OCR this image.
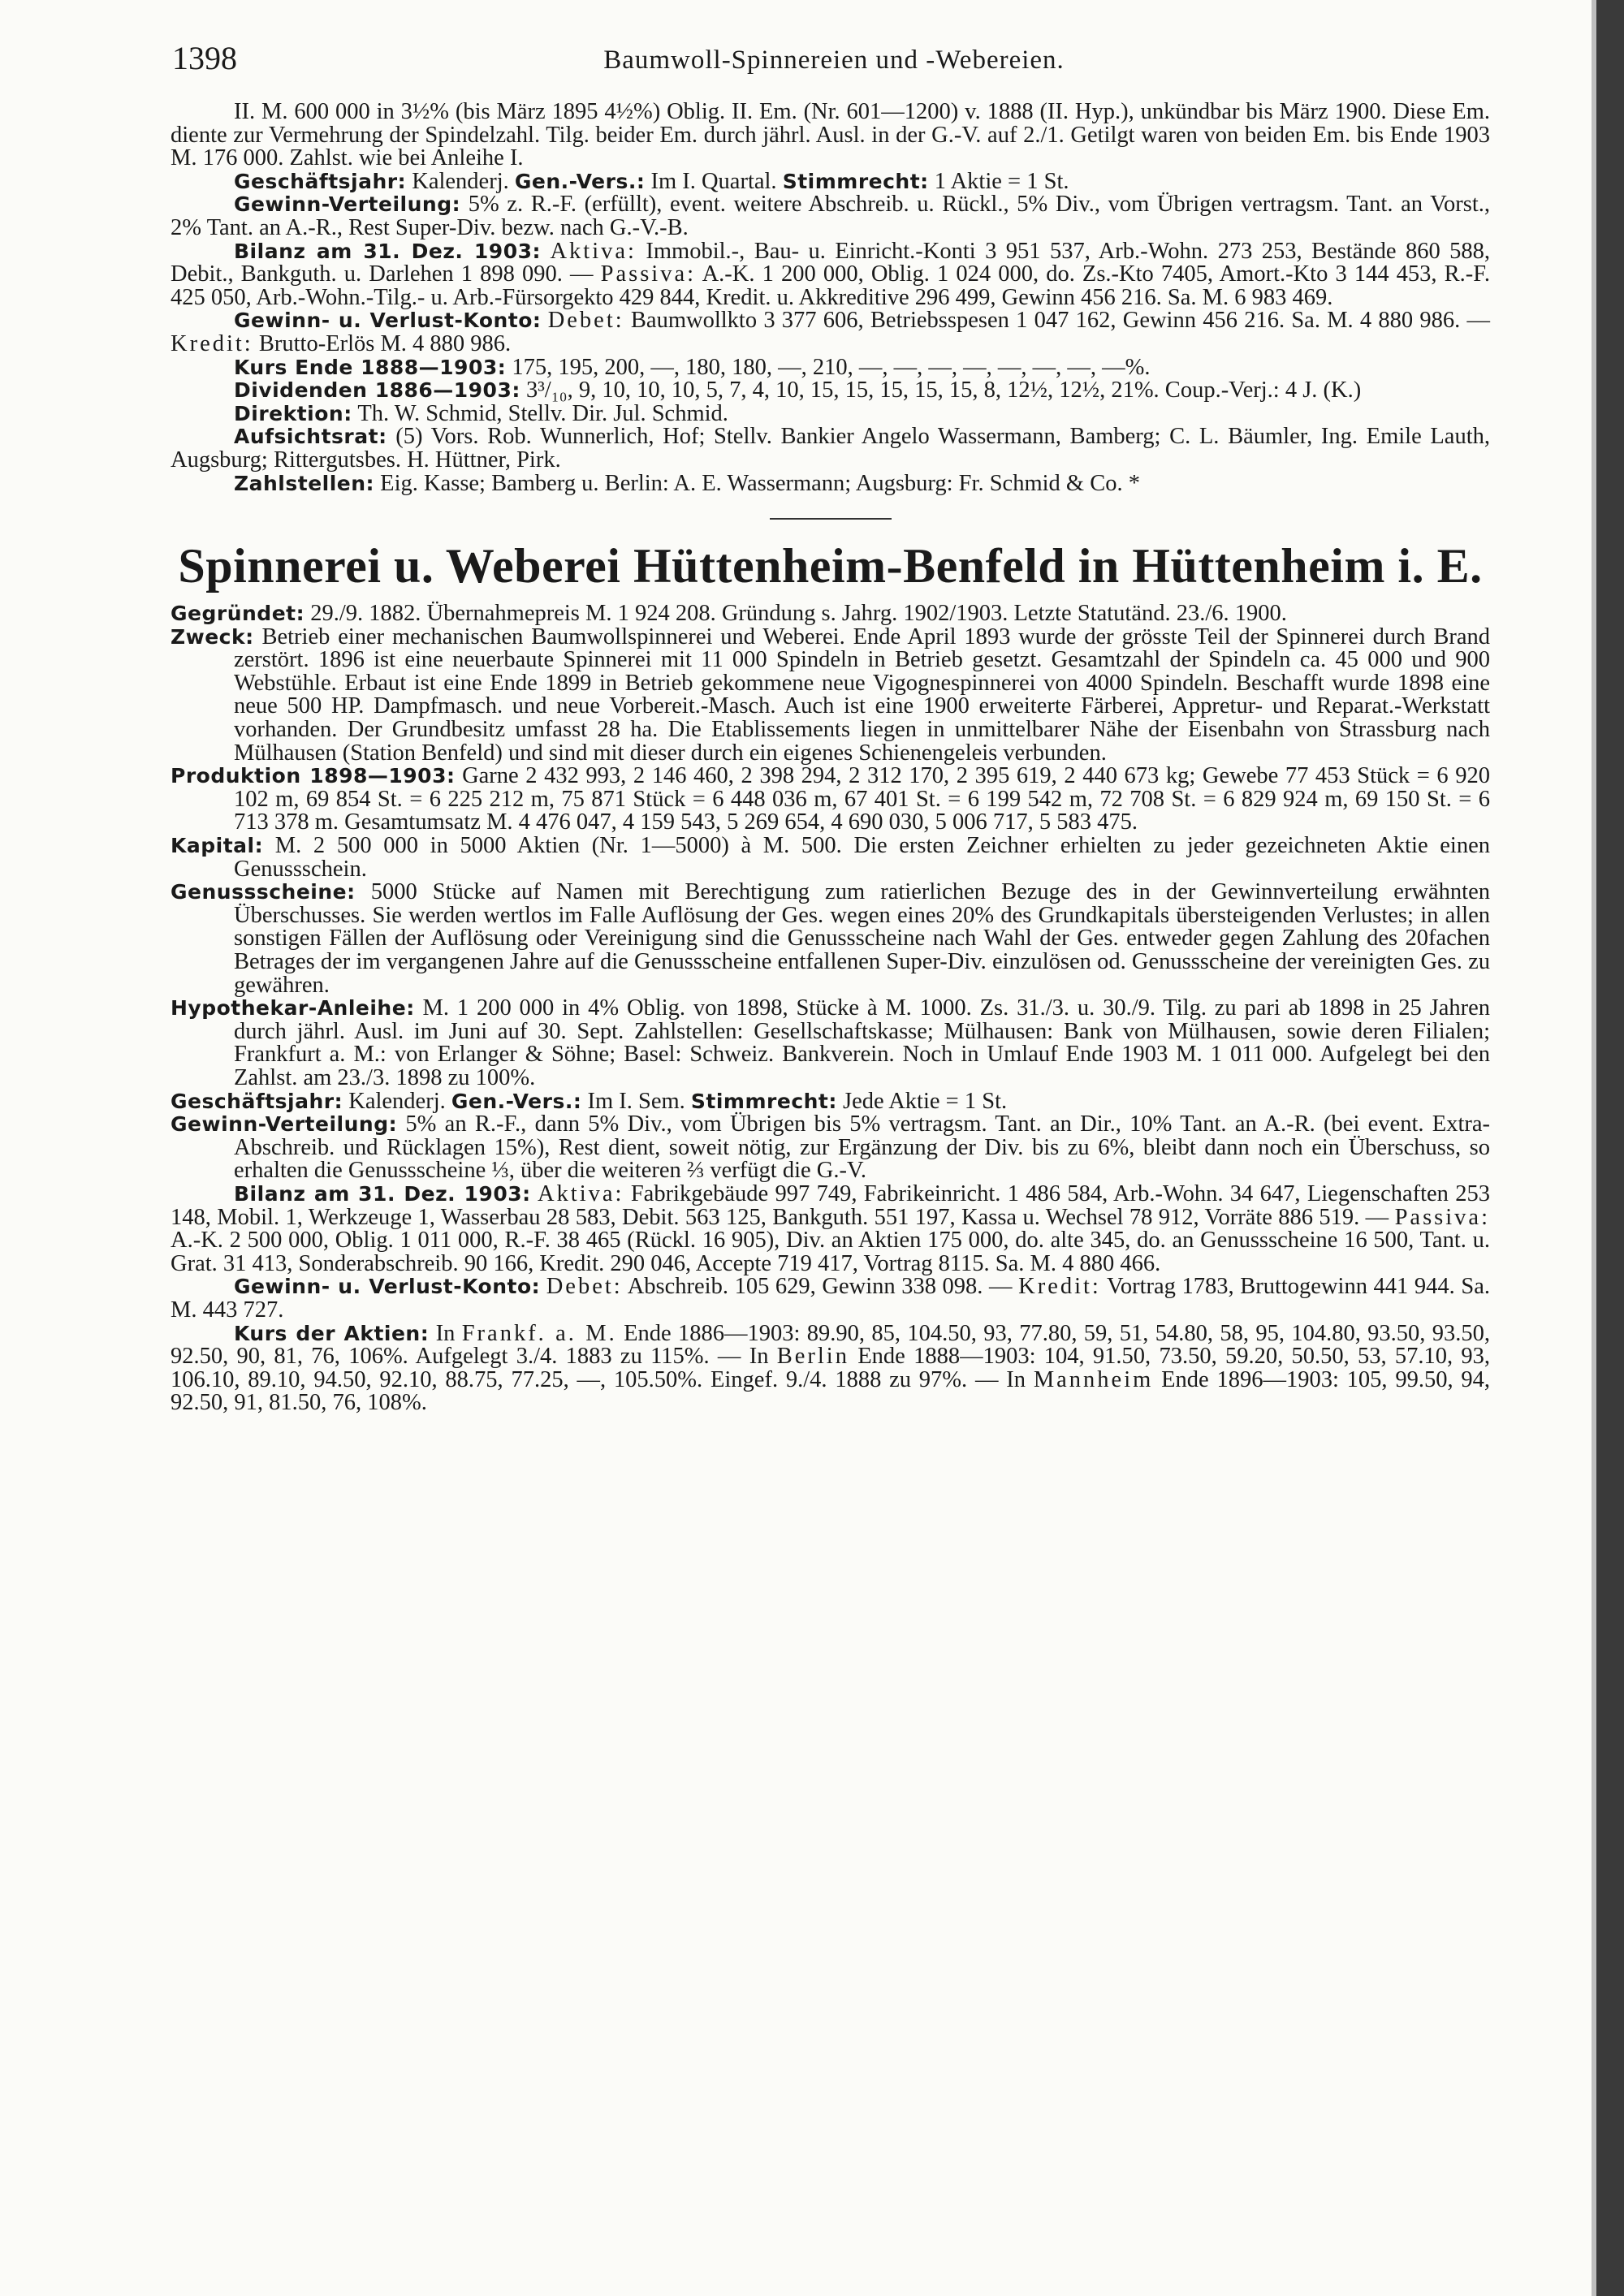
1398	Baumwoll-Spinnereien und -Webereien.

II. M. 600 000 in 3½% (bis März 1895 4½%) Oblig. II. Em. (Nr. 601—1200) v. 1888 (II. Hyp.), unkündbar bis März 1900. Diese Em. diente zur Vermehrung der Spindelzahl. Tilg. beider Em. durch jährl. Ausl. in der G.-V. auf 2./1. Getilgt waren von beiden Em. bis Ende 1903 M. 176 000. Zahlst. wie bei Anleihe I.

Geschäftsjahr: Kalenderj. Gen.-Vers.: Im I. Quartal. Stimmrecht: 1 Aktie = 1 St.

Gewinn-Verteilung: 5% z. R.-F. (erfüllt), event. weitere Abschreib. u. Rückl., 5% Div., vom Übrigen vertragsm. Tant. an Vorst., 2% Tant. an A.-R., Rest Super-Div. bezw. nach G.-V.-B.

Bilanz am 31. Dez. 1903: Aktiva: Immobil.-, Bau- u. Einricht.-Konti 3 951 537, Arb.-Wohn. 273 253, Bestände 860 588, Debit., Bankguth. u. Darlehen 1 898 090. — Passiva: A.-K. 1 200 000, Oblig. 1 024 000, do. Zs.-Kto 7405, Amort.-Kto 3 144 453, R.-F. 425 050, Arb.-Wohn.-Tilg.- u. Arb.-Fürsorgekto 429 844, Kredit. u. Akkreditive 296 499, Gewinn 456 216. Sa. M. 6 983 469.

Gewinn- u. Verlust-Konto: Debet: Baumwollkto 3 377 606, Betriebsspesen 1 047 162, Gewinn 456 216. Sa. M. 4 880 986. — Kredit: Brutto-Erlös M. 4 880 986.

Kurs Ende 1888—1903: 175, 195, 200, —, 180, 180, —, 210, —, —, —, —, —, —, —, —%.

Dividenden 1886—1903: 3³/₁₀, 9, 10, 10, 10, 5, 7, 4, 10, 15, 15, 15, 15, 15, 8, 12½, 12½, 21%. Coup.-Verj.: 4 J. (K.)

Direktion: Th. W. Schmid, Stellv. Dir. Jul. Schmid.

Aufsichtsrat: (5) Vors. Rob. Wunnerlich, Hof; Stellv. Bankier Angelo Wassermann, Bamberg; C. L. Bäumler, Ing. Emile Lauth, Augsburg; Rittergutsbes. H. Hüttner, Pirk.

Zahlstellen: Eig. Kasse; Bamberg u. Berlin: A. E. Wassermann; Augsburg: Fr. Schmid & Co. *

Spinnerei u. Weberei Hüttenheim-Benfeld in Hüttenheim i. E.

Gegründet: 29./9. 1882. Übernahmepreis M. 1 924 208. Gründung s. Jahrg. 1902/1903. Letzte Statutänd. 23./6. 1900.

Zweck: Betrieb einer mechanischen Baumwollspinnerei und Weberei. Ende April 1893 wurde der grösste Teil der Spinnerei durch Brand zerstört. 1896 ist eine neuerbaute Spinnerei mit 11 000 Spindeln in Betrieb gesetzt. Gesamtzahl der Spindeln ca. 45 000 und 900 Webstühle. Erbaut ist eine Ende 1899 in Betrieb gekommene neue Vigognespinnerei von 4000 Spindeln. Beschafft wurde 1898 eine neue 500 HP. Dampfmasch. und neue Vorbereit.-Masch. Auch ist eine 1900 erweiterte Färberei, Appretur- und Reparat.-Werkstatt vorhanden. Der Grundbesitz umfasst 28 ha. Die Etablissements liegen in unmittelbarer Nähe der Eisenbahn von Strassburg nach Mülhausen (Station Benfeld) und sind mit dieser durch ein eigenes Schienengeleis verbunden.

Produktion 1898—1903: Garne 2 432 993, 2 146 460, 2 398 294, 2 312 170, 2 395 619, 2 440 673 kg; Gewebe 77 453 Stück = 6 920 102 m, 69 854 St. = 6 225 212 m, 75 871 Stück = 6 448 036 m, 67 401 St. = 6 199 542 m, 72 708 St. = 6 829 924 m, 69 150 St. = 6 713 378 m. Gesamtumsatz M. 4 476 047, 4 159 543, 5 269 654, 4 690 030, 5 006 717, 5 583 475.

Kapital: M. 2 500 000 in 5000 Aktien (Nr. 1—5000) à M. 500. Die ersten Zeichner erhielten zu jeder gezeichneten Aktie einen Genussschein.

Genussscheine: 5000 Stücke auf Namen mit Berechtigung zum ratierlichen Bezuge des in der Gewinnverteilung erwähnten Überschusses. Sie werden wertlos im Falle Auflösung der Ges. wegen eines 20% des Grundkapitals übersteigenden Verlustes; in allen sonstigen Fällen der Auflösung oder Vereinigung sind die Genussscheine nach Wahl der Ges. entweder gegen Zahlung des 20fachen Betrages der im vergangenen Jahre auf die Genussscheine entfallenen Super-Div. einzulösen od. Genussscheine der vereinigten Ges. zu gewähren.

Hypothekar-Anleihe: M. 1 200 000 in 4% Oblig. von 1898, Stücke à M. 1000. Zs. 31./3. u. 30./9. Tilg. zu pari ab 1898 in 25 Jahren durch jährl. Ausl. im Juni auf 30. Sept. Zahlstellen: Gesellschaftskasse; Mülhausen: Bank von Mülhausen, sowie deren Filialen; Frankfurt a. M.: von Erlanger & Söhne; Basel: Schweiz. Bankverein. Noch in Umlauf Ende 1903 M. 1 011 000. Aufgelegt bei den Zahlst. am 23./3. 1898 zu 100%.

Geschäftsjahr: Kalenderj. Gen.-Vers.: Im I. Sem. Stimmrecht: Jede Aktie = 1 St.

Gewinn-Verteilung: 5% an R.-F., dann 5% Div., vom Übrigen bis 5% vertragsm. Tant. an Dir., 10% Tant. an A.-R. (bei event. Extra-Abschreib. und Rücklagen 15%), Rest dient, soweit nötig, zur Ergänzung der Div. bis zu 6%, bleibt dann noch ein Überschuss, so erhalten die Genussscheine ⅓, über die weiteren ⅔ verfügt die G.-V.

Bilanz am 31. Dez. 1903: Aktiva: Fabrikgebäude 997 749, Fabrikeinricht. 1 486 584, Arb.-Wohn. 34 647, Liegenschaften 253 148, Mobil. 1, Werkzeuge 1, Wasserbau 28 583, Debit. 563 125, Bankguth. 551 197, Kassa u. Wechsel 78 912, Vorräte 886 519. — Passiva: A.-K. 2 500 000, Oblig. 1 011 000, R.-F. 38 465 (Rückl. 16 905), Div. an Aktien 175 000, do. alte 345, do. an Genussscheine 16 500, Tant. u. Grat. 31 413, Sonderabschreib. 90 166, Kredit. 290 046, Accepte 719 417, Vortrag 8115. Sa. M. 4 880 466.

Gewinn- u. Verlust-Konto: Debet: Abschreib. 105 629, Gewinn 338 098. — Kredit: Vortrag 1783, Bruttogewinn 441 944. Sa. M. 443 727.

Kurs der Aktien: In Frankf. a. M. Ende 1886—1903: 89.90, 85, 104.50, 93, 77.80, 59, 51, 54.80, 58, 95, 104.80, 93.50, 93.50, 92.50, 90, 81, 76, 106%. Aufgelegt 3./4. 1883 zu 115%. — In Berlin Ende 1888—1903: 104, 91.50, 73.50, 59.20, 50.50, 53, 57.10, 93, 106.10, 89.10, 94.50, 92.10, 88.75, 77.25, —, 105.50%. Eingef. 9./4. 1888 zu 97%. — In Mannheim Ende 1896—1903: 105, 99.50, 94, 92.50, 91, 81.50, 76, 108%.
